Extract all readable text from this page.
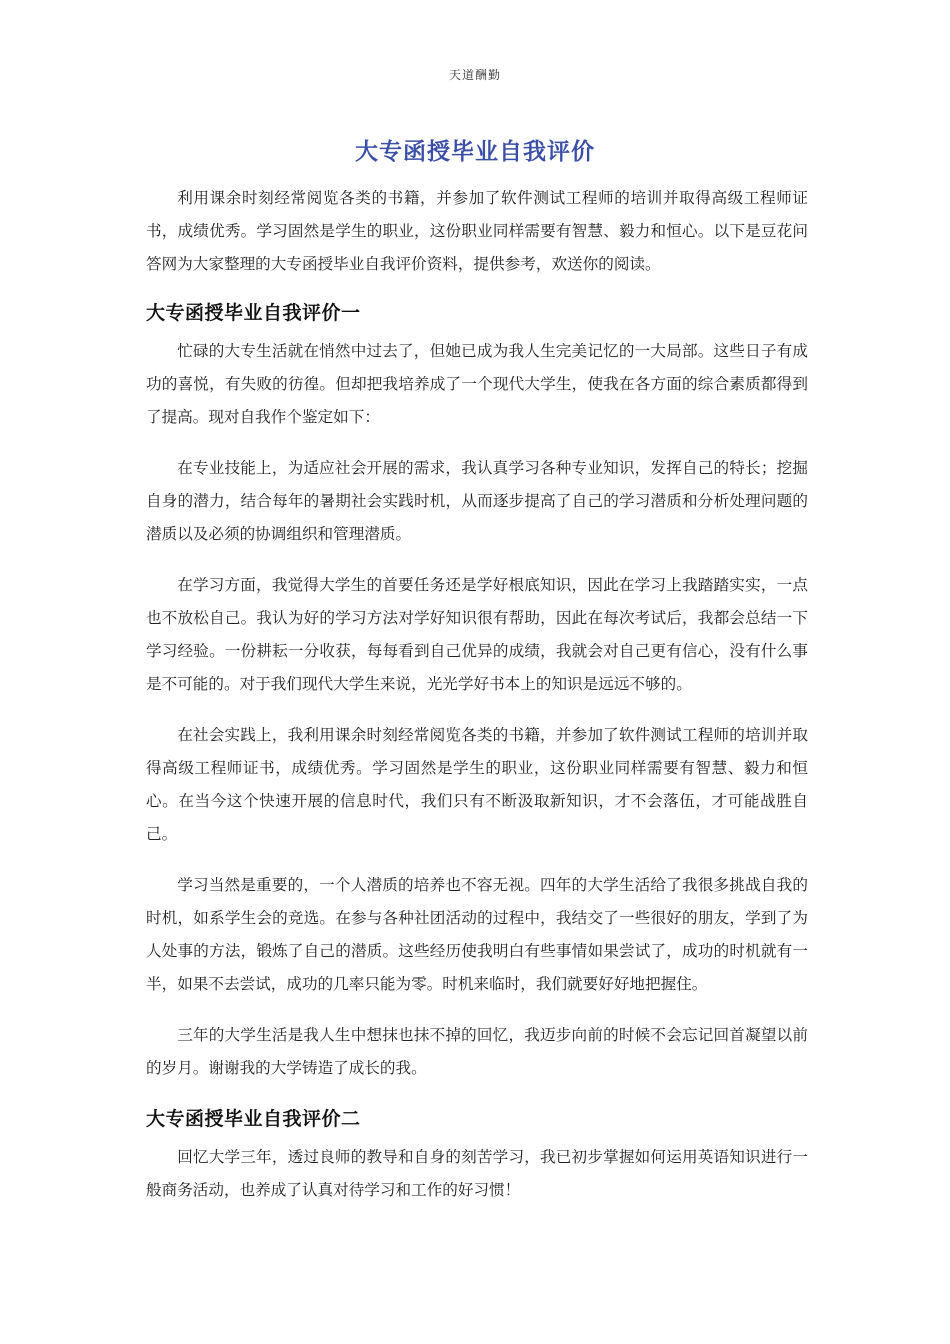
天道酬勤
大专函授毕业自我评价

利用课余时刻经常阅览各类的书籍，并参加了软件测试工程师的培训并取得高级工程师证书，成绩优秀。学习固然是学生的职业，这份职业同样需要有智慧、毅力和恒心。以下是豆花问答网为大家整理的大专函授毕业自我评价资料，提供参考，欢送你的阅读。

大专函授毕业自我评价一

忙碌的大专生活就在悄然中过去了，但她已成为我人生完美记忆的一大局部。这些日子有成功的喜悦，有失败的彷徨。但却把我培养成了一个现代大学生，使我在各方面的综合素质都得到了提高。现对自我作个鉴定如下：

在专业技能上，为适应社会开展的需求，我认真学习各种专业知识，发挥自己的特长；挖掘自身的潜力，结合每年的暑期社会实践时机，从而逐步提高了自己的学习潜质和分析处理问题的潜质以及必须的协调组织和管理潜质。

在学习方面，我觉得大学生的首要任务还是学好根底知识，因此在学习上我踏踏实实，一点也不放松自己。我认为好的学习方法对学好知识很有帮助，因此在每次考试后，我都会总结一下学习经验。一份耕耘一分收获，每每看到自己优异的成绩，我就会对自己更有信心，没有什么事是不可能的。对于我们现代大学生来说，光光学好书本上的知识是远远不够的。

在社会实践上，我利用课余时刻经常阅览各类的书籍，并参加了软件测试工程师的培训并取得高级工程师证书，成绩优秀。学习固然是学生的职业，这份职业同样需要有智慧、毅力和恒心。在当今这个快速开展的信息时代，我们只有不断汲取新知识，才不会落伍，才可能战胜自己。

学习当然是重要的，一个人潜质的培养也不容无视。四年的大学生活给了我很多挑战自我的时机，如系学生会的竞选。在参与各种社团活动的过程中，我结交了一些很好的朋友，学到了为人处事的方法，锻炼了自己的潜质。这些经历使我明白有些事情如果尝试了，成功的时机就有一半，如果不去尝试，成功的几率只能为零。时机来临时，我们就要好好地把握住。

三年的大学生活是我人生中想抹也抹不掉的回忆，我迈步向前的时候不会忘记回首凝望以前的岁月。谢谢我的大学铸造了成长的我。

大专函授毕业自我评价二

回忆大学三年，透过良师的教导和自身的刻苦学习，我已初步掌握如何运用英语知识进行一般商务活动，也养成了认真对待学习和工作的好习惯！
